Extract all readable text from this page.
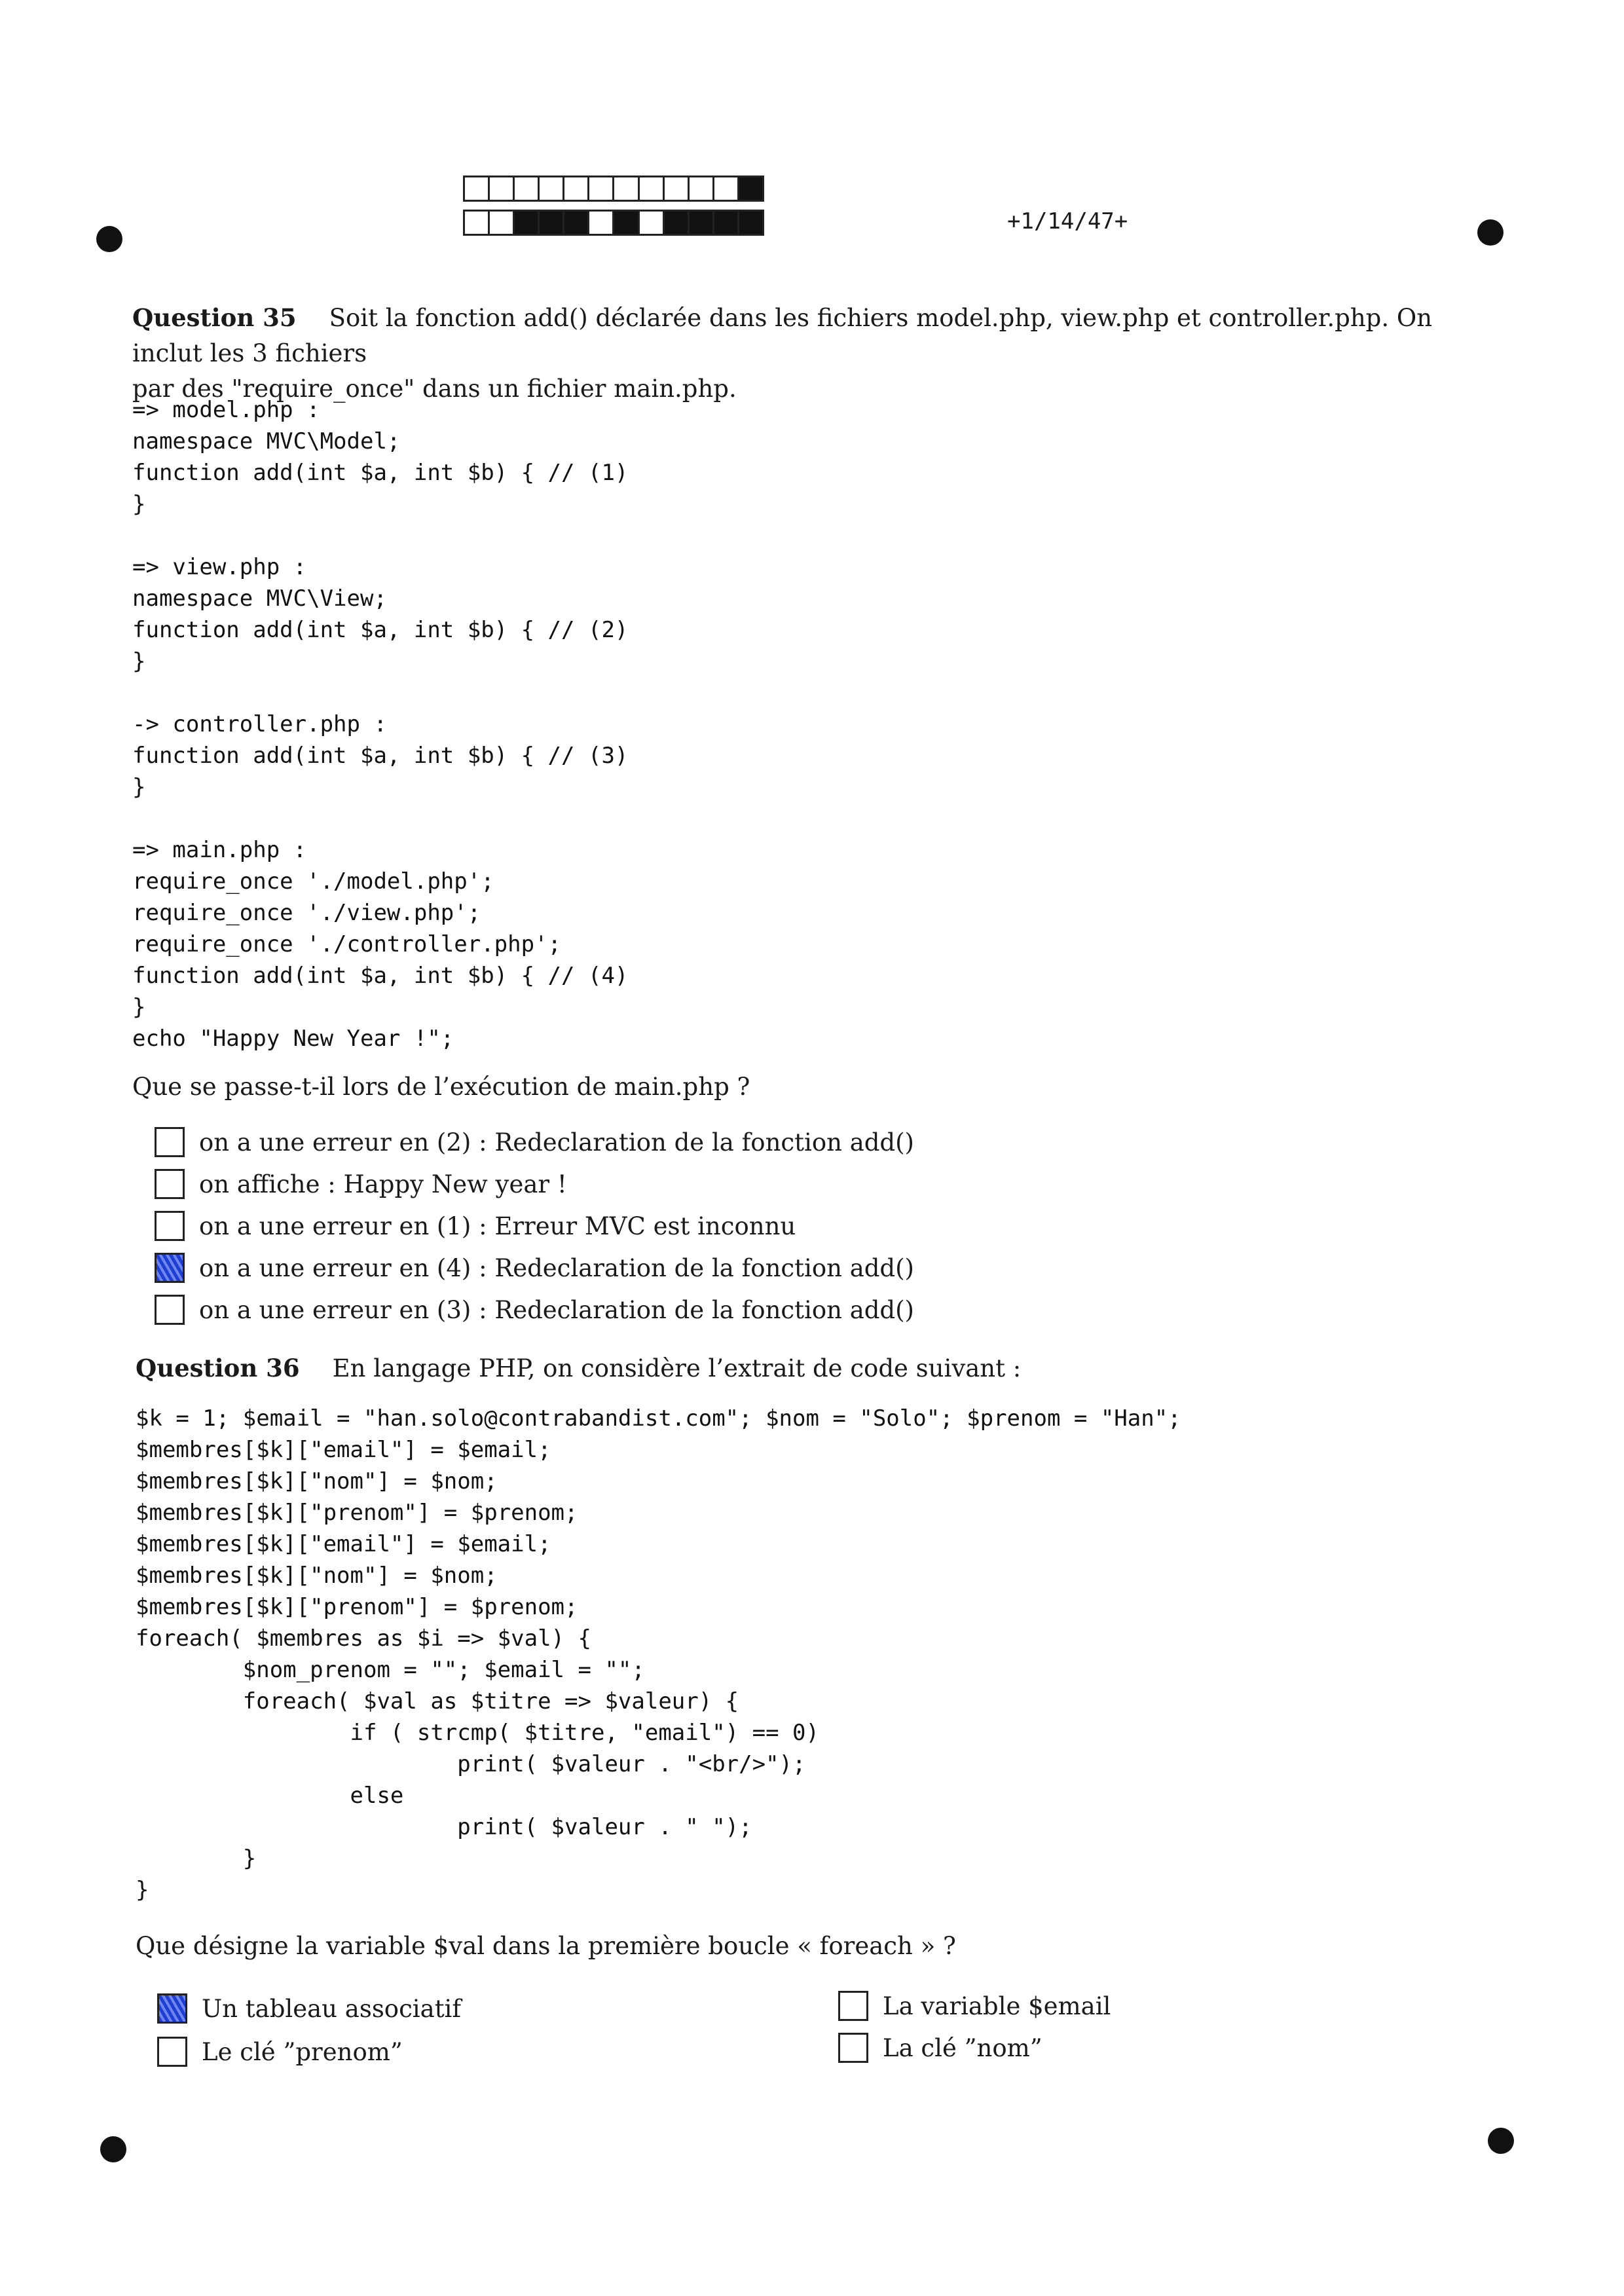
+1/14/47+
Question 35 Soit la fonction add() déclarée dans les fichiers model.php, view.php et controller.php. On inclut les 3 fichiers
par des "require_once" dans un fichier main.php.
=> model.php :
namespace MVC\Model;
function add(int $a, int $b) { // (1)
}

=> view.php :
namespace MVC\View;
function add(int $a, int $b) { // (2)
}

-> controller.php :
function add(int $a, int $b) { // (3)
}

=> main.php :
require_once './model.php';
require_once './view.php';
require_once './controller.php';
function add(int $a, int $b) { // (4)
}
echo "Happy New Year !";
Que se passe-t-il lors de l’exécution de main.php ?
on a une erreur en (2) : Redeclaration de la fonction add()
on affiche : Happy New year !
on a une erreur en (1) : Erreur MVC est inconnu
on a une erreur en (4) : Redeclaration de la fonction add()
on a une erreur en (3) : Redeclaration de la fonction add()
Question 36 En langage PHP, on considère l’extrait de code suivant :
$k = 1; $email = "han.solo@contrabandist.com"; $nom = "Solo"; $prenom = "Han";
$membres[$k]["email"] = $email;
$membres[$k]["nom"] = $nom;
$membres[$k]["prenom"] = $prenom;
$membres[$k]["email"] = $email;
$membres[$k]["nom"] = $nom;
$membres[$k]["prenom"] = $prenom;
foreach( $membres as $i => $val) {
$nom_prenom = ""; $email = "";
foreach( $val as $titre => $valeur) {
if ( strcmp( $titre, "email") == 0)
print( $valeur . "<br/>");
else
print( $valeur . " ");
}
}
Que désigne la variable $val dans la première boucle « foreach » ?
Un tableau associatif	La variable $email
Le clé ”prenom”	La clé ”nom”
